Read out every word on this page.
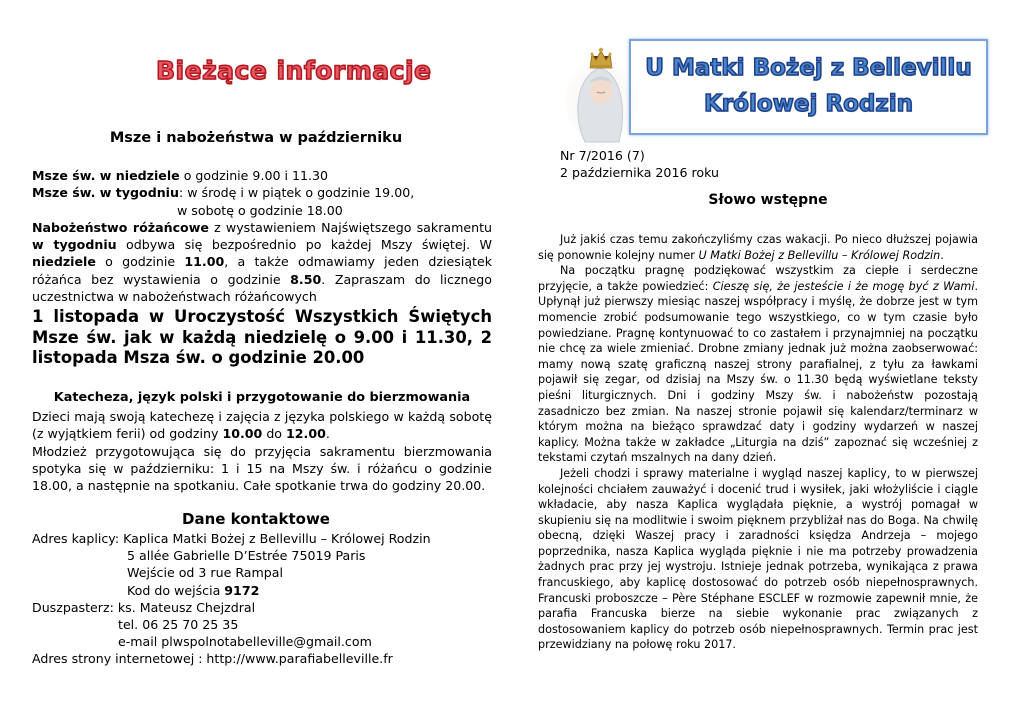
Bieżące informacje
Msze i nabożeństwa w październiku

Msze św. w niedziele o godzinie 9.00 i 11.30

Msze św. w tygodniu: w środę i w piątek o godzinie 19.00,

w sobotę o godzinie 18.00

Nabożeństwo różańcowe z wystawieniem Najświętszego sakramentu w tygodniu odbywa się bezpośrednio po każdej Mszy świętej. W niedziele o godzinie 11.00, a także odmawiamy jeden dziesiątek różańca bez wystawienia o godzinie 8.50. Zapraszam do licznego uczestnictwa w nabożeństwach różańcowych

1 listopada w Uroczystość Wszystkich Świętych Msze św. jak w każdą niedzielę o 9.00 i 11.30, 2 listopada Msza św. o godzinie 20.00
Katecheza, język polski i przygotowanie do bierzmowania

Dzieci mają swoją katechezę i zajęcia z języka polskiego w każdą sobotę (z wyjątkiem ferii) od godziny 10.00 do 12.00.

Młodzież przygotowująca się do przyjęcia sakramentu bierzmowania spotyka się w październiku: 1 i 15 na Mszy św. i różańcu o godzinie 18.00, a następnie na spotkaniu. Całe spotkanie trwa do godziny 20.00.

Dane kontaktowe
Adres kaplicy: Kaplica Matki Bożej z Bellevillu – Królowej Rodzin
5 allée Gabrielle D’Estrée 75019 Paris
Wejście od 3 rue Rampal
Kod do wejścia 9172
Duszpasterz: ks. Mateusz Chejzdral
tel. 06 25 70 25 35
e-mail plwspolnotabelleville@gmail.com
Adres strony internetowej : http://www.parafiabelleville.fr
U Matki Bożej z Bellevillu
Królowej Rodzin
Nr 7/2016 (7)
2 października 2016 roku
Słowo wstępne

Już jakiś czas temu zakończyliśmy czas wakacji. Po nieco dłuższej pojawia się ponownie kolejny numer U Matki Bożej z Bellevillu – Królowej Rodzin.

Na początku pragnę podziękować wszystkim za ciepłe i serdeczne przyjęcie, a także powiedzieć: Cieszę się, że jesteście i że mogę być z Wami. Upłynął już pierwszy miesiąc naszej współpracy i myślę, że dobrze jest w tym momencie zrobić podsumowanie tego wszystkiego, co w tym czasie było powiedziane. Pragnę kontynuować to co zastałem i przynajmniej na początku nie chcę za wiele zmieniać. Drobne zmiany jednak już można zaobserwować: mamy nową szatę graficzną naszej strony parafialnej, z tyłu za ławkami pojawił się zegar, od dzisiaj na Mszy św. o 11.30 będą wyświetlane teksty pieśni liturgicznych. Dni i godziny Mszy św. i nabożeństw pozostają zasadniczo bez zmian. Na naszej stronie pojawił się kalendarz/terminarz w którym można na bieżąco sprawdzać daty i godziny wydarzeń w naszej kaplicy. Można także w zakładce „Liturgia na dziś” zapoznać się wcześniej z tekstami czytań mszalnych na dany dzień.

Jeżeli chodzi i sprawy materialne i wygląd naszej kaplicy, to w pierwszej kolejności chciałem zauważyć i docenić trud i wysiłek, jaki włożyliście i ciągle wkładacie, aby nasza Kaplica wyglądała pięknie, a wystrój pomagał w skupieniu się na modlitwie i swoim pięknem przybliżał nas do Boga. Na chwilę obecną, dzięki Waszej pracy i zaradności księdza Andrzeja – mojego poprzednika, nasza Kaplica wygląda pięknie i nie ma potrzeby prowadzenia żadnych prac przy jej wystroju. Istnieje jednak potrzeba, wynikająca z prawa francuskiego, aby kaplicę dostosować do potrzeb osób niepełnosprawnych. Francuski proboszcze – Père Stéphane ESCLEF w rozmowie zapewnił mnie, że parafia Francuska bierze na siebie wykonanie prac związanych z dostosowaniem kaplicy do potrzeb osób niepełnosprawnych. Termin prac jest przewidziany na połowę roku 2017.
